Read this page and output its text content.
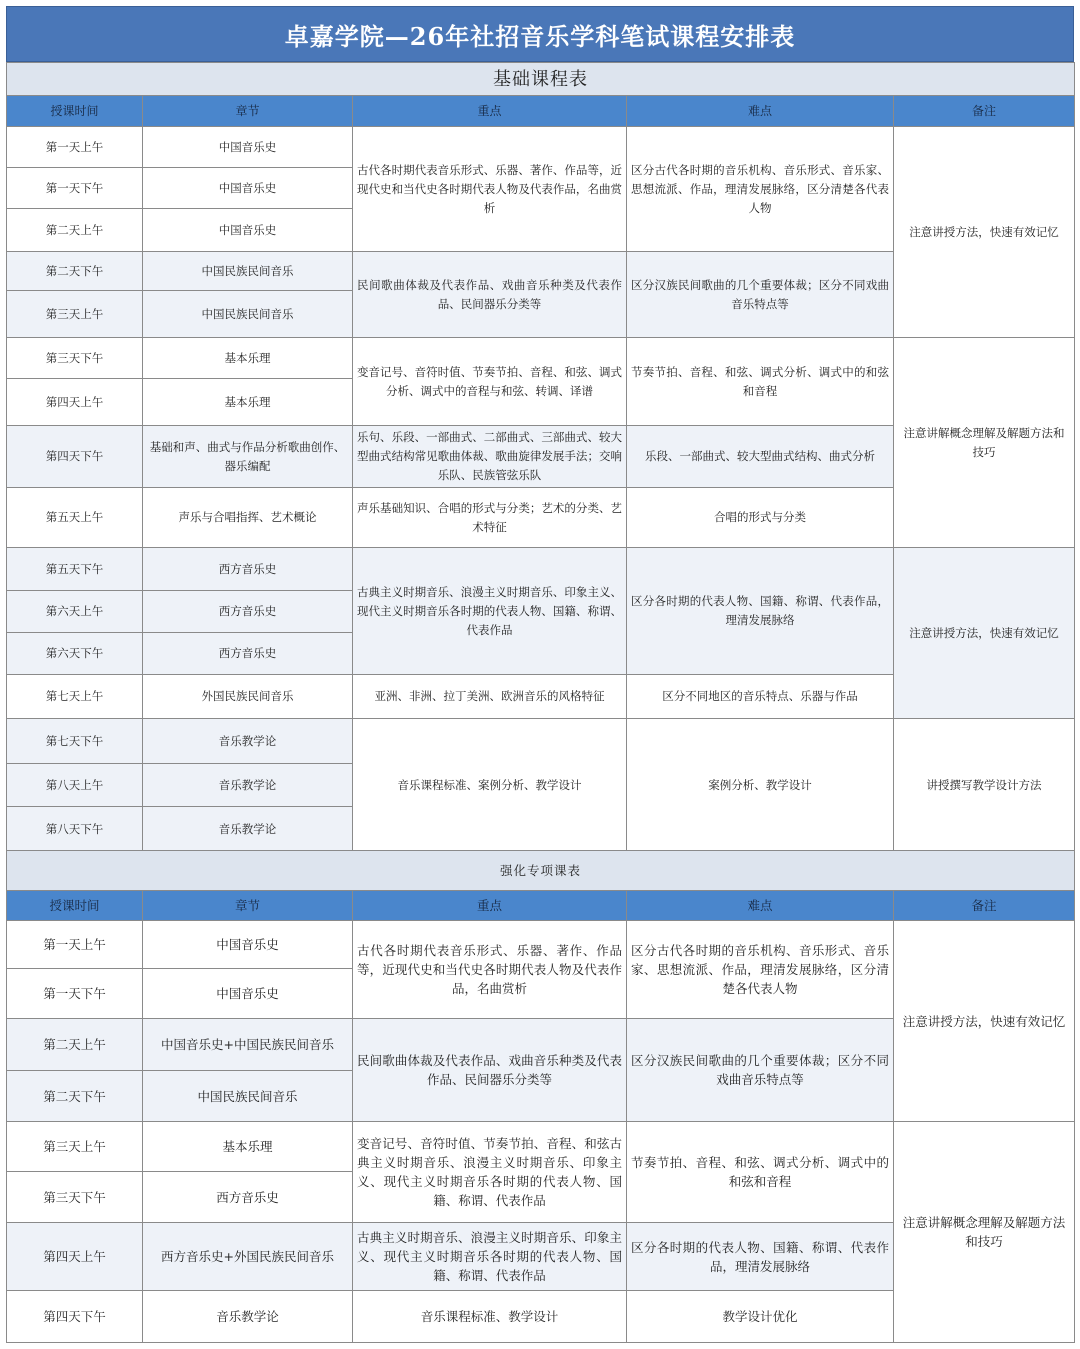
卓嘉学院—26年社招音乐学科笔试课程安排表
基础课程表				
授课时间	章节	重点	难点	备注
第一天上午	中国音乐史	古代各时期代表音乐形式、乐器、著作、作品等，近现代史和当代史各时期代表人物及代表作品，名曲赏析	区分古代各时期的音乐机构、音乐形式、音乐家、思想流派、作品，理清发展脉络，区分清楚各代表人物	注意讲授方法，快速有效记忆
第一天下午	中国音乐史			
第二天上午	中国音乐史			
第二天下午	中国民族民间音乐	民间歌曲体裁及代表作品、戏曲音乐种类及代表作品、民间器乐分类等	区分汉族民间歌曲的几个重要体裁；区分不同戏曲音乐特点等	
第三天上午	中国民族民间音乐			
第三天下午	基本乐理	变音记号、音符时值、节奏节拍、音程、和弦、调式分析、调式中的音程与和弦、转调、译谱	节奏节拍、音程、和弦、调式分析、调式中的和弦和音程	注意讲解概念理解及解题方法和技巧
第四天上午	基本乐理			
第四天下午	基础和声、曲式与作品分析歌曲创作、器乐编配	乐句、乐段、一部曲式、二部曲式、三部曲式、较大型曲式结构常见歌曲体裁、歌曲旋律发展手法；交响乐队、民族管弦乐队	乐段、一部曲式、较大型曲式结构、曲式分析	
第五天上午	声乐与合唱指挥、艺术概论	声乐基础知识、合唱的形式与分类；艺术的分类、艺术特征	合唱的形式与分类	
第五天下午	西方音乐史	古典主义时期音乐、浪漫主义时期音乐、印象主义、现代主义时期音乐各时期的代表人物、国籍、称谓、代表作品	区分各时期的代表人物、国籍、称谓、代表作品，理清发展脉络	注意讲授方法，快速有效记忆
第六天上午	西方音乐史			
第六天下午	西方音乐史			
第七天上午	外国民族民间音乐	亚洲、非洲、拉丁美洲、欧洲音乐的风格特征	区分不同地区的音乐特点、乐器与作品	
第七天下午	音乐教学论	音乐课程标准、案例分析、教学设计	案例分析、教学设计	讲授撰写教学设计方法
第八天上午	音乐教学论			
第八天下午	音乐教学论			
强化专项课表				
授课时间	章节	重点	难点	备注
第一天上午	中国音乐史	古代各时期代表音乐形式、乐器、著作、作品等，近现代史和当代史各时期代表人物及代表作品，名曲赏析	区分古代各时期的音乐机构、音乐形式、音乐家、思想流派、作品，理清发展脉络，区分清楚各代表人物	注意讲授方法，快速有效记忆
第一天下午	中国音乐史			
第二天上午	中国音乐史+中国民族民间音乐	民间歌曲体裁及代表作品、戏曲音乐种类及代表作品、民间器乐分类等	区分汉族民间歌曲的几个重要体裁；区分不同戏曲音乐特点等	
第二天下午	中国民族民间音乐			
第三天上午	基本乐理	变音记号、音符时值、节奏节拍、音程、和弦古典主义时期音乐、浪漫主义时期音乐、印象主义、现代主义时期音乐各时期的代表人物、国籍、称谓、代表作品	节奏节拍、音程、和弦、调式分析、调式中的和弦和音程	注意讲解概念理解及解题方法和技巧
第三天下午	西方音乐史			
第四天上午	西方音乐史+外国民族民间音乐	古典主义时期音乐、浪漫主义时期音乐、印象主义、现代主义时期音乐各时期的代表人物、国籍、称谓、代表作品	区分各时期的代表人物、国籍、称谓、代表作品，理清发展脉络	
第四天下午	音乐教学论	音乐课程标准、教学设计	教学设计优化	
